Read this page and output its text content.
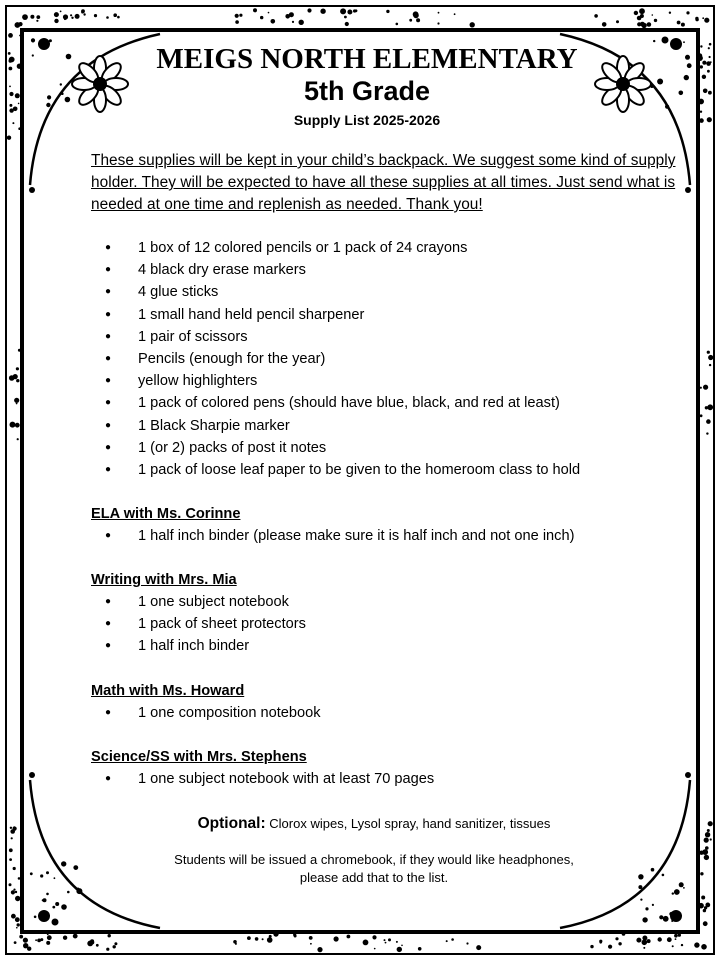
MEIGS NORTH ELEMENTARY
5th Grade
Supply List 2025-2026
These supplies will be kept in your child’s backpack. We suggest some kind of supply holder. They will be expected to have all these supplies at all times. Just send what is needed at one time and replenish as needed. Thank you!
● 1 box of 12 colored pencils or 1 pack of 24 crayons
● 4 black dry erase markers
● 4 glue sticks
● 1 small hand held pencil sharpener
● 1 pair of scissors
● Pencils (enough for the year)
● yellow highlighters
● 1 pack of colored pens (should have blue, black, and red at least)
● 1 Black Sharpie marker
● 1 (or 2) packs of post it notes
● 1 pack of loose leaf paper to be given to the homeroom class to hold
ELA with Ms. Corinne
● 1 half inch binder (please make sure it is half inch and not one inch)
Writing with Mrs. Mia
● 1 one subject notebook
● 1 pack of sheet protectors
● 1 half inch binder
Math with Ms. Howard
● 1 one composition notebook
Science/SS with Mrs. Stephens
● 1 one subject notebook with at least 70 pages
Optional: Clorox wipes, Lysol spray, hand sanitizer, tissues
Students will be issued a chromebook, if they would like headphones,
please add that to the list.
